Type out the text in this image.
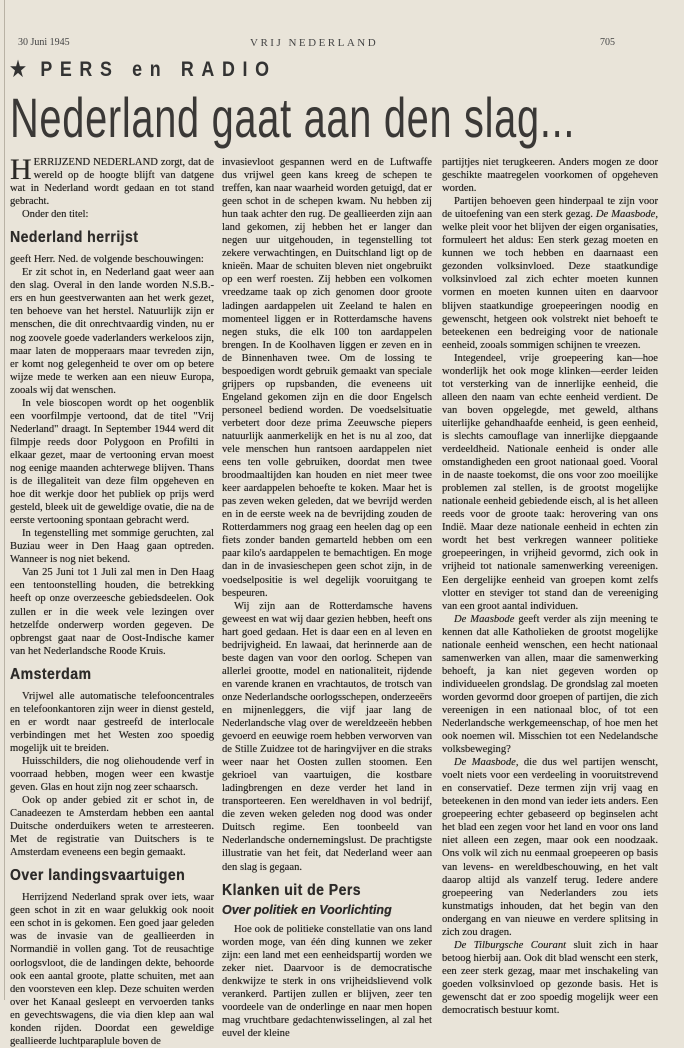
30 Juni 1945	VRIJ NEDERLAND	705
★ PERS en RADIO
Nederland gaat aan den slag...

HERRIJZEND NEDERLAND zorgt, dat de wereld op de hoogte blijft van datgene wat in Nederland wordt gedaan en tot stand gebracht.

Onder den titel:

Nederland herrijst

geeft Herr. Ned. de volgende beschouwingen:

Er zit schot in, en Nederland gaat weer aan den slag. Overal in den lande worden N.S.B.-ers en hun geestverwanten aan het werk gezet, ten behoeve van het herstel. Natuurlijk zijn er menschen, die dit onrechtvaardig vinden, nu er nog zoovele goede vaderlanders werkeloos zijn, maar laten de mopperaars maar tevreden zijn, er komt nog gelegenheid te over om op betere wijze mede te werken aan een nieuw Europa, zooals wij dat wenschen.

In vele bioscopen wordt op het oogenblik een voorfilmpje vertoond, dat de titel "Vrij Nederland" draagt. In September 1944 werd dit filmpje reeds door Polygoon en Profilti in elkaar gezet, maar de vertooning ervan moest nog eenige maanden achterwege blijven. Thans is de illegaliteit van deze film opgeheven en hoe dit werkje door het publiek op prijs werd gesteld, bleek uit de geweldige ovatie, die na de eerste vertooning spontaan gebracht werd.

In tegenstelling met sommige geruchten, zal Buziau weer in Den Haag gaan optreden. Wanneer is nog niet bekend.

Van 25 Juni tot 1 Juli zal men in Den Haag een tentoonstelling houden, die betrekking heeft op onze overzeesche gebiedsdeelen. Ook zullen er in die week vele lezingen over hetzelfde onderwerp worden gegeven. De opbrengst gaat naar de Oost-Indische kamer van het Nederlandsche Roode Kruis.

Amsterdam

Vrijwel alle automatische telefooncentrales en telefoonkantoren zijn weer in dienst gesteld, en er wordt naar gestreefd de interlocale verbindingen met het Westen zoo spoedig mogelijk uit te breiden.

Huisschilders, die nog oliehoudende verf in voorraad hebben, mogen weer een kwastje geven. Glas en hout zijn nog zeer schaarsch.

Ook op ander gebied zit er schot in, de Canadeezen te Amsterdam hebben een aantal Duitsche onderduikers weten te arresteeren. Met de registratie van Duitschers is te Amsterdam eveneens een begin gemaakt.

Over landingsvaartuigen

Herrijzend Nederland sprak over iets, waar geen schot in zit en waar gelukkig ook nooit een schot in is gekomen. Een goed jaar geleden was de invasie van de geallieerden in Normandië in vollen gang. Tot de reusachtige oorlogsvloot, die de landingen dekte, behoorde ook een aantal groote, platte schuiten, met aan den voorsteven een klep. Deze schuiten werden over het Kanaal gesleept en vervoerden tanks en gevechtswagens, die via dien klep aan wal konden rijden. Doordat een geweldige geallieerde luchtparaplule boven de

invasievloot gespannen werd en de Luftwaffe dus vrijwel geen kans kreeg de schepen te treffen, kan naar waarheid worden getuigd, dat er geen schot in de schepen kwam. Nu hebben zij hun taak achter den rug. De geallieerden zijn aan land gekomen, zij hebben het er langer dan negen uur uitgehouden, in tegenstelling tot zekere verwachtingen, en Duitschland ligt op de knieën. Maar de schuiten bleven niet ongebruikt op een werf roesten. Zij hebben een volkomen vreedzame taak op zich genomen door groote ladingen aardappelen uit Zeeland te halen en momenteel liggen er in Rotterdamsche havens negen stuks, die elk 100 ton aardappelen brengen. In de Koolhaven liggen er zeven en in de Binnenhaven twee. Om de lossing te bespoedigen wordt gebruik gemaakt van speciale grijpers op rupsbanden, die eveneens uit Engeland gekomen zijn en die door Engelsch personeel bediend worden. De voedselsituatie verbetert door deze prima Zeeuwsche piepers natuurlijk aanmerkelijk en het is nu al zoo, dat vele menschen hun rantsoen aardappelen niet eens ten volle gebruiken, doordat men twee broodmaaltijden kan houden en niet meer twee keer aardappelen behoefte te koken. Maar het is pas zeven weken geleden, dat we bevrijd werden en in de eerste week na de bevrijding zouden de Rotterdammers nog graag een heelen dag op een fiets zonder banden gemarteld hebben om een paar kilo's aardappelen te bemachtigen. En moge dan in de invasieschepen geen schot zijn, in de voedselpositie is wel degelijk vooruitgang te bespeuren.

Wij zijn aan de Rotterdamsche havens geweest en wat wij daar gezien hebben, heeft ons hart goed gedaan. Het is daar een en al leven en bedrijvigheid. En lawaai, dat herinnerde aan de beste dagen van voor den oorlog. Schepen van allerlei grootte, model en nationaliteit, rijdende en varende kranen en vrachtautos, de trotsch van onze Nederlandsche oorlogsschepen, onderzeeërs en mijnenleggers, die vijf jaar lang de Nederlandsche vlag over de wereldzeeën hebben gevoerd en eeuwige roem hebben verworven van de Stille Zuidzee tot de haringvijver en die straks weer naar het Oosten zullen stoomen. Een gekrioel van vaartuigen, die kostbare ladingbrengen en deze verder het land in transporteeren. Een wereldhaven in vol bedrijf, die zeven weken geleden nog dood was onder Duitsch regime. Een toonbeeld van Nederlandsche ondernemingslust. De prachtigste illustratie van het feit, dat Nederland weer aan den slag is gegaan.

Klanken uit de Pers
Over politiek en Voorlichting

Hoe ook de politieke constellatie van ons land worden moge, van één ding kunnen we zeker zijn: een land met een eenheidspartij worden we zeker niet. Daarvoor is de democratische denkwijze te sterk in ons vrijheidslievend volk verankerd. Partijen zullen er blijven, zeer ten voordeele van de onderlinge en naar men hopen mag vruchtbare gedachtenwisselingen, al zal het euvel der kleine

partijtjes niet terugkeeren. Anders mogen ze door geschikte maatregelen voorkomen of opgeheven worden.

Partijen behoeven geen hinderpaal te zijn voor de uitoefening van een sterk gezag. De Maasbode, welke pleit voor het blijven der eigen organisaties, formuleert het aldus: Een sterk gezag moeten en kunnen we toch hebben en daarnaast een gezonden volksinvloed. Deze staatkundige volksinvloed zal zich echter moeten kunnen vormen en moeten kunnen uiten en daarvoor blijven staatkundige groepeeringen noodig en gewenscht, hetgeen ook volstrekt niet behoeft te beteekenen een bedreiging voor de nationale eenheid, zooals sommigen schijnen te vreezen.

Integendeel, vrije groepeering kan—hoe wonderlijk het ook moge klinken—eerder leiden tot versterking van de innerlijke eenheid, die alleen den naam van echte eenheid verdient. De van boven opgelegde, met geweld, althans uiterlijke gehandhaafde eenheid, is geen eenheid, is slechts camouflage van innerlijke diepgaande verdeeldheid. Nationale eenheid is onder alle omstandigheden een groot nationaal goed. Vooral in de naaste toekomst, die ons voor zoo moeilijke problemen zal stellen, is de grootst mogelijke nationale eenheid gebiedende eisch, al is het alleen reeds voor de groote taak: herovering van ons Indië. Maar deze nationale eenheid in echten zin wordt het best verkregen wanneer politieke groepeeringen, in vrijheid gevormd, zich ook in vrijheid tot nationale samenwerking vereenigen. Een dergelijke eenheid van groepen komt zelfs vlotter en steviger tot stand dan de vereeniging van een groot aantal individuen.

De Maasbode geeft verder als zijn meening te kennen dat alle Katholieken de grootst mogelijke nationale eenheid wenschen, een hecht nationaal samenwerken van allen, maar die samenwerking behoeft, ja kan niet gegeven worden op individueelen grondslag. De grondslag zal moeten worden gevormd door groepen of partijen, die zich vereenigen in een nationaal bloc, of tot een Nederlandsche werkgemeenschap, of hoe men het ook noemen wil. Misschien tot een Nedelandsche volksbeweging?

De Maasbode, die dus wel partijen wenscht, voelt niets voor een verdeeling in vooruitstrevend en conservatief. Deze termen zijn vrij vaag en beteekenen in den mond van ieder iets anders. Een groepeering echter gebaseerd op beginselen acht het blad een zegen voor het land en voor ons land niet alleen een zegen, maar ook een noodzaak. Ons volk wil zich nu eenmaal groepeeren op basis van levens- en wereldbeschouwing, en het valt daarop altijd als vanzelf terug. Iedere andere groepeering van Nederlanders zou iets kunstmatigs inhouden, dat het begin van den ondergang en van nieuwe en verdere splitsing in zich zou dragen.

De Tilburgsche Courant sluit zich in haar betoog hierbij aan. Ook dit blad wenscht een sterk, een zeer sterk gezag, maar met inschakeling van goeden volksinvloed op gezonde basis. Het is gewenscht dat er zoo spoedig mogelijk weer een democratisch bestuur komt.
